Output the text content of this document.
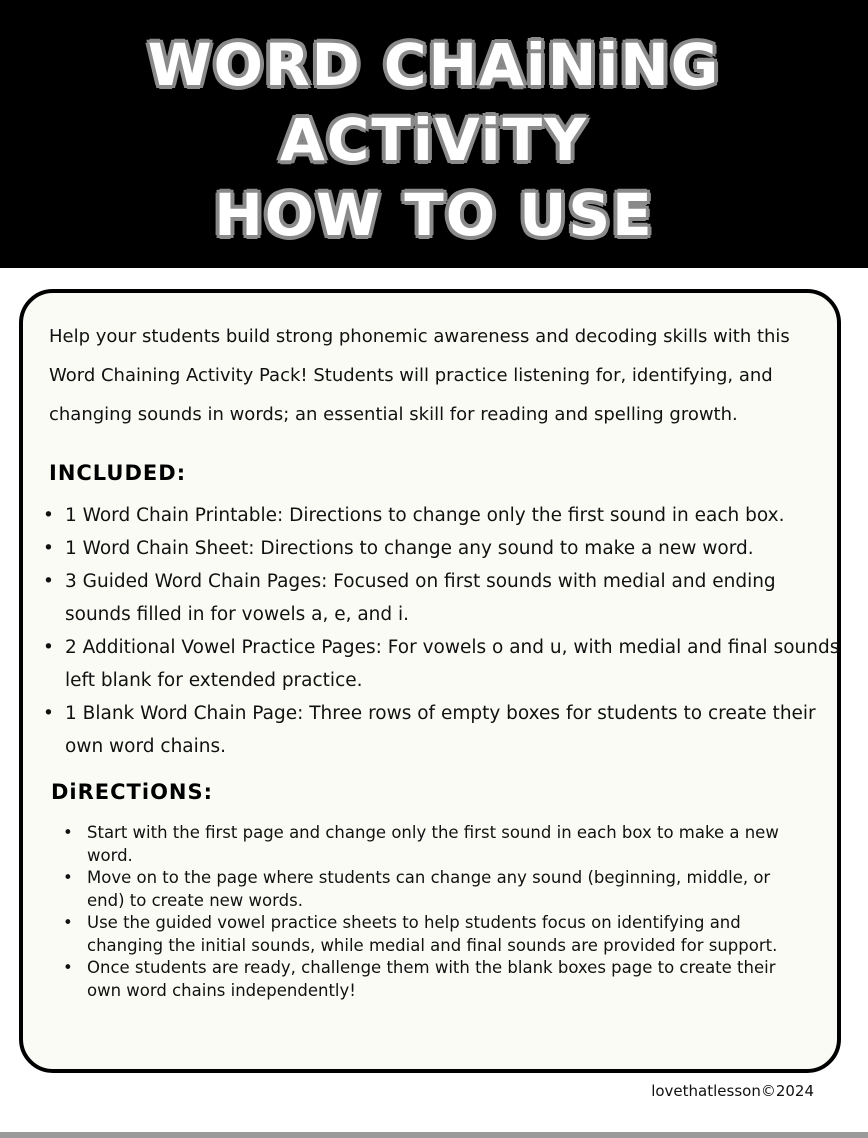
WORD CHAiNiNG
ACTiViTY
HOW TO USE

Help your students build strong phonemic awareness and decoding skills with this Word Chaining Activity Pack! Students will practice listening for, identifying, and changing sounds in words; an essential skill for reading and spelling growth.

INCLUDED:
• 1 Word Chain Printable: Directions to change only the first sound in each box.
• 1 Word Chain Sheet: Directions to change any sound to make a new word.
• 3 Guided Word Chain Pages: Focused on first sounds with medial and ending sounds filled in for vowels a, e, and i.
• 2 Additional Vowel Practice Pages: For vowels o and u, with medial and final sounds left blank for extended practice.
• 1 Blank Word Chain Page: Three rows of empty boxes for students to create their own word chains.
DiRECTiONS:
• Start with the first page and change only the first sound in each box to make a new word.
• Move on to the page where students can change any sound (beginning, middle, or end) to create new words.
• Use the guided vowel practice sheets to help students focus on identifying and changing the initial sounds, while medial and final sounds are provided for support.
• Once students are ready, challenge them with the blank boxes page to create their own word chains independently!
lovethatlesson©2024
